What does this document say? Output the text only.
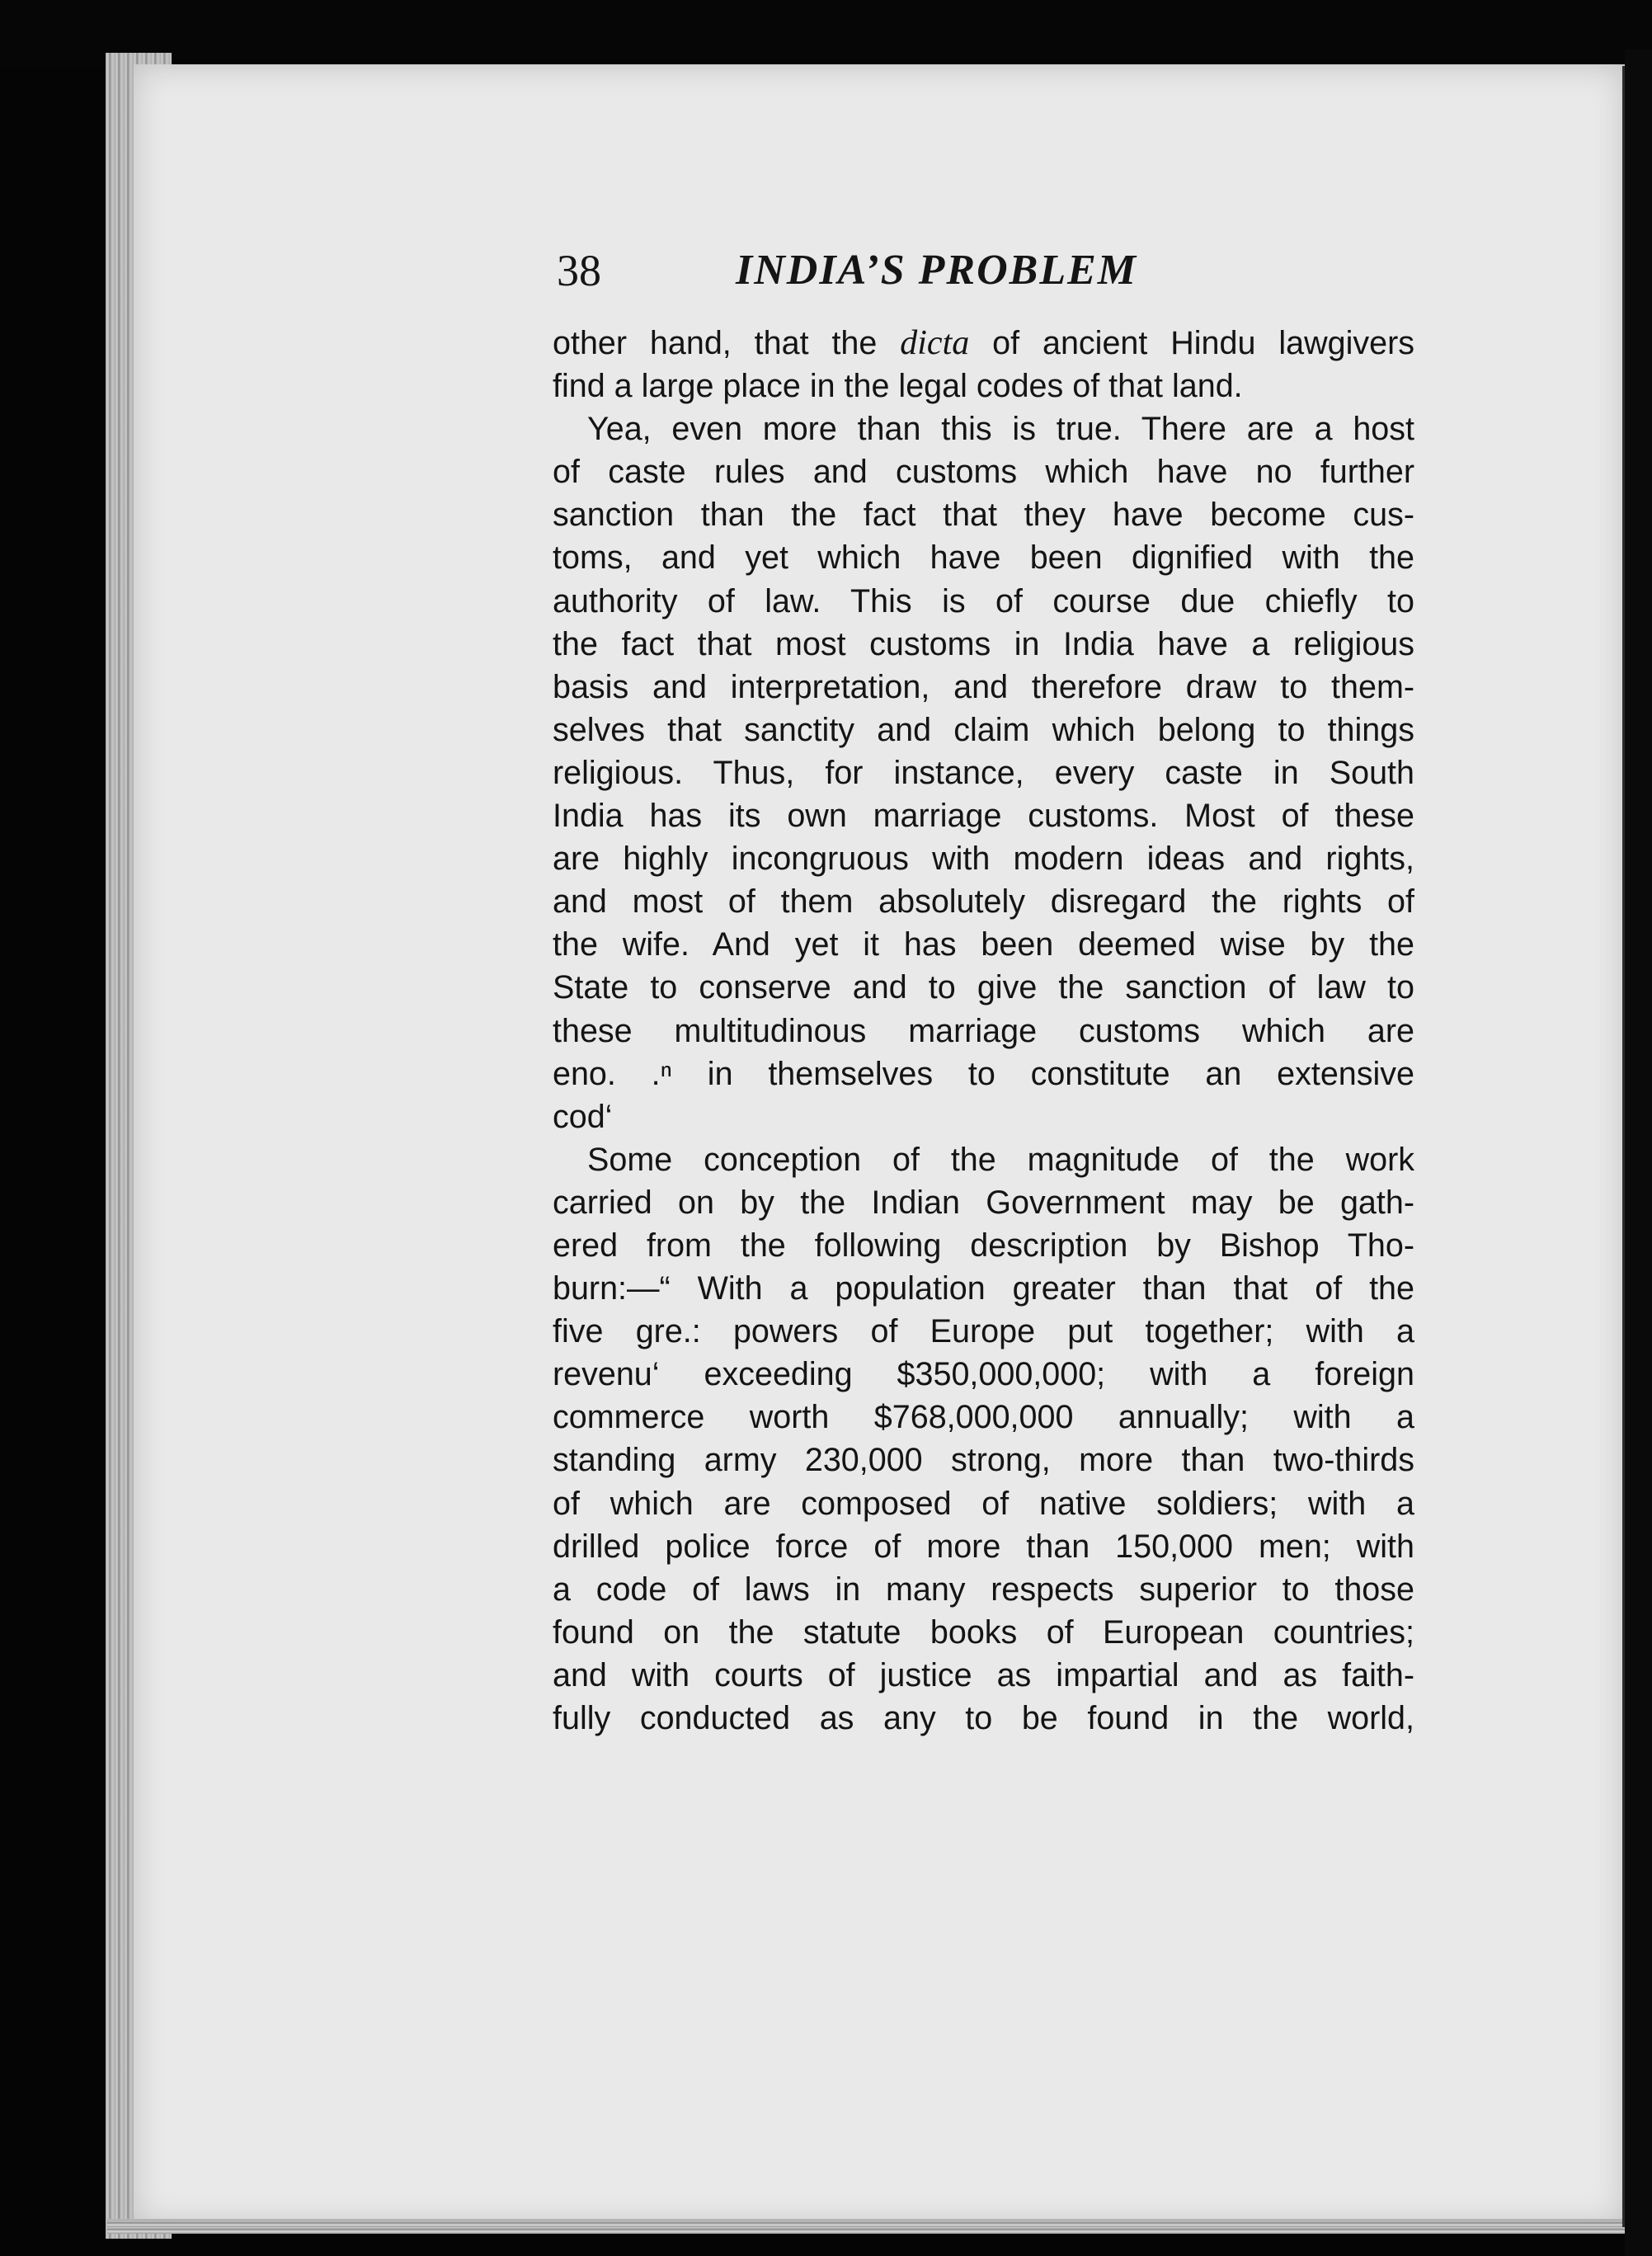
38	INDIA’S PROBLEM
other hand, that the dicta of ancient Hindu lawgivers
find a large place in the legal codes of that land.
Yea, even more than this is true. There are a host
of caste rules and customs which have no further
sanction than the fact that they have become cus-
toms, and yet which have been dignified with the
authority of law. This is of course due chiefly to
the fact that most customs in India have a religious
basis and interpretation, and therefore draw to them-
selves that sanctity and claim which belong to things
religious. Thus, for instance, every caste in South
India has its own marriage customs. Most of these
are highly incongruous with modern ideas and rights,
and most of them absolutely disregard the rights of
the wife. And yet it has been deemed wise by the
State to conserve and to give the sanction of law to
these multitudinous marriage customs which are
eno. .ⁿ in themselves to constitute an extensive
cod‘
Some conception of the magnitude of the work
carried on by the Indian Government may be gath-
ered from the following description by Bishop Tho-
burn:—“ With a population greater than that of the
five gre.: powers of Europe put together; with a
revenu‘ exceeding $350,000,000; with a foreign
commerce worth $768,000,000 annually; with a
standing army 230,000 strong, more than two-thirds
of which are composed of native soldiers; with a
drilled police force of more than 150,000 men; with
a code of laws in many respects superior to those
found on the statute books of European countries;
and with courts of justice as impartial and as faith-
fully conducted as any to be found in the world,
